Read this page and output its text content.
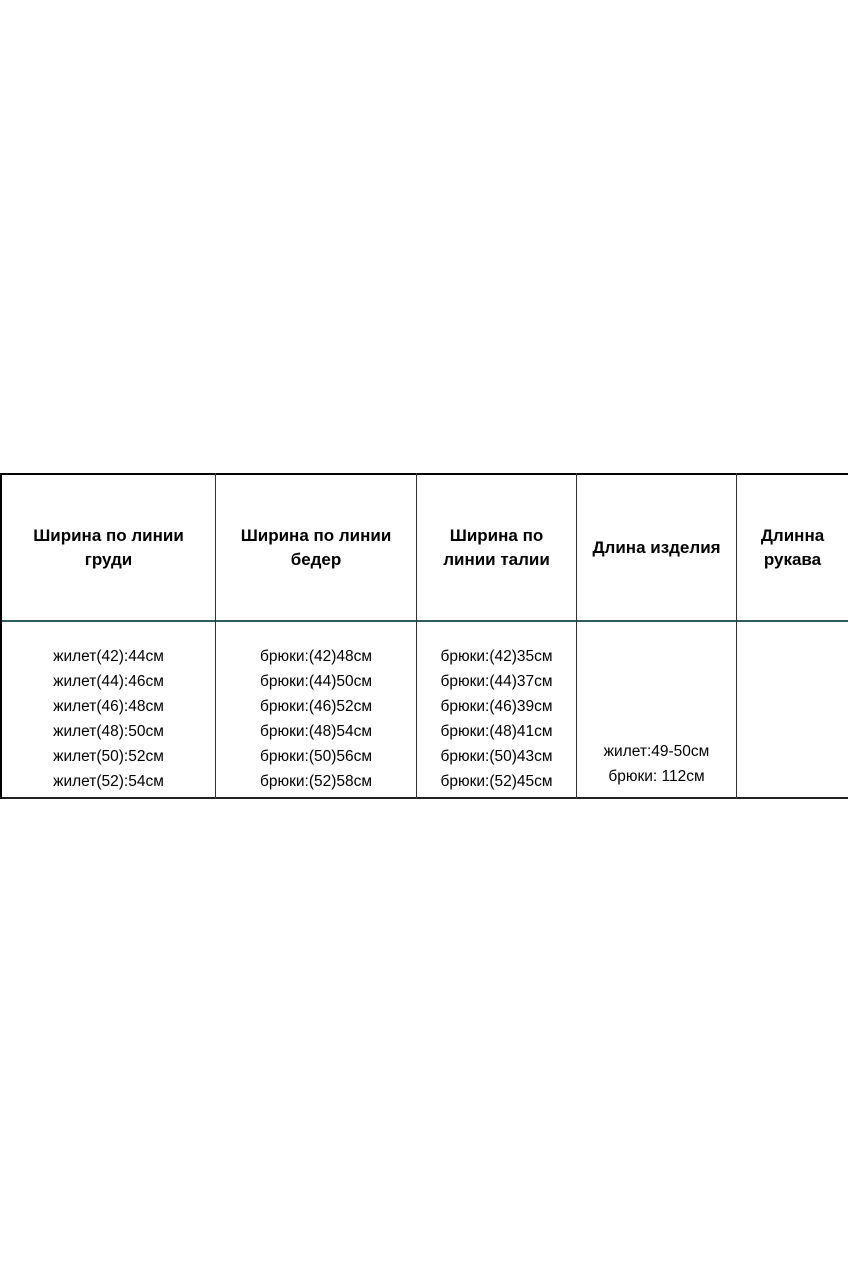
Ширина по линии
груди
Ширина по линии
бедер
Ширина по
линии талии
Длина изделия
Длинна
рукава
жилет(42):44см
жилет(44):46см
жилет(46):48см
жилет(48):50см
жилет(50):52см
жилет(52):54см
брюки:(42)48см
брюки:(44)50см
брюки:(46)52см
брюки:(48)54см
брюки:(50)56см
брюки:(52)58см
брюки:(42)35см
брюки:(44)37см
брюки:(46)39см
брюки:(48)41см
брюки:(50)43см
брюки:(52)45см
жилет:49-50см
брюки: 112см
